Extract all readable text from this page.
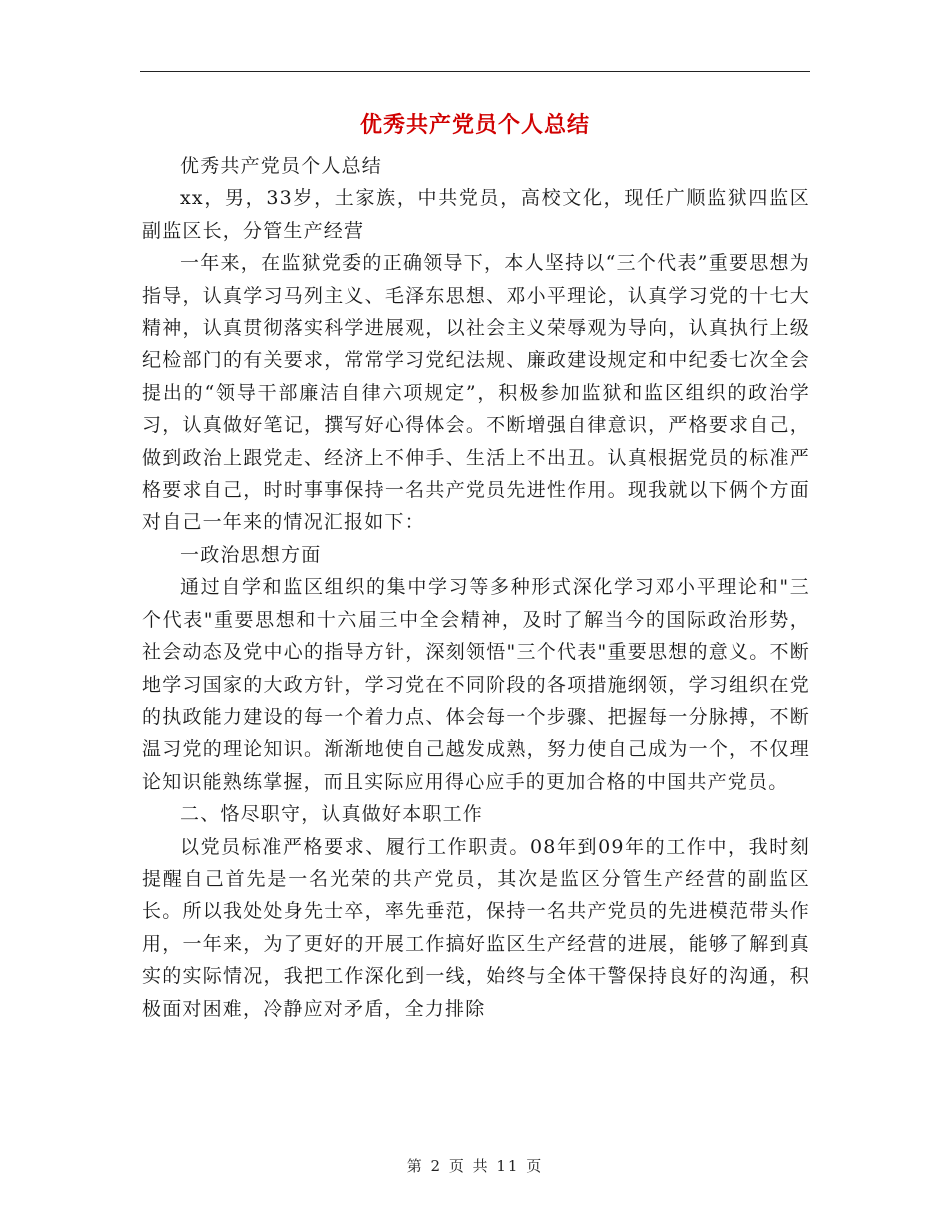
优秀共产党员个人总结

优秀共产党员个人总结

xx，男，33岁，土家族，中共党员，高校文化，现任广顺监狱四监区副监区长，分管生产经营

一年来，在监狱党委的正确领导下，本人坚持以“三个代表”重要思想为指导，认真学习马列主义、毛泽东思想、邓小平理论，认真学习党的十七大精神，认真贯彻落实科学进展观，以社会主义荣辱观为导向，认真执行上级纪检部门的有关要求，常常学习党纪法规、廉政建设规定和中纪委七次全会提出的“领导干部廉洁自律六项规定”，积极参加监狱和监区组织的政治学习，认真做好笔记，撰写好心得体会。不断增强自律意识，严格要求自己，做到政治上跟党走、经济上不伸手、生活上不出丑。认真根据党员的标准严格要求自己，时时事事保持一名共产党员先进性作用。现我就以下俩个方面对自己一年来的情况汇报如下：

一政治思想方面

通过自学和监区组织的集中学习等多种形式深化学习邓小平理论和"三个代表"重要思想和十六届三中全会精神，及时了解当今的国际政治形势，社会动态及党中心的指导方针，深刻领悟"三个代表"重要思想的意义。不断地学习国家的大政方针，学习党在不同阶段的各项措施纲领，学习组织在党的执政能力建设的每一个着力点、体会每一个步骤、把握每一分脉搏，不断温习党的理论知识。渐渐地使自己越发成熟，努力使自己成为一个，不仅理论知识能熟练掌握，而且实际应用得心应手的更加合格的中国共产党员。

二、恪尽职守，认真做好本职工作

以党员标准严格要求、履行工作职责。08年到09年的工作中，我时刻提醒自己首先是一名光荣的共产党员，其次是监区分管生产经营的副监区长。所以我处处身先士卒，率先垂范，保持一名共产党员的先进模范带头作用，一年来，为了更好的开展工作搞好监区生产经营的进展，能够了解到真实的实际情况，我把工作深化到一线，始终与全体干警保持良好的沟通，积极面对困难，冷静应对矛盾，全力排除

第 2 页 共 11 页
